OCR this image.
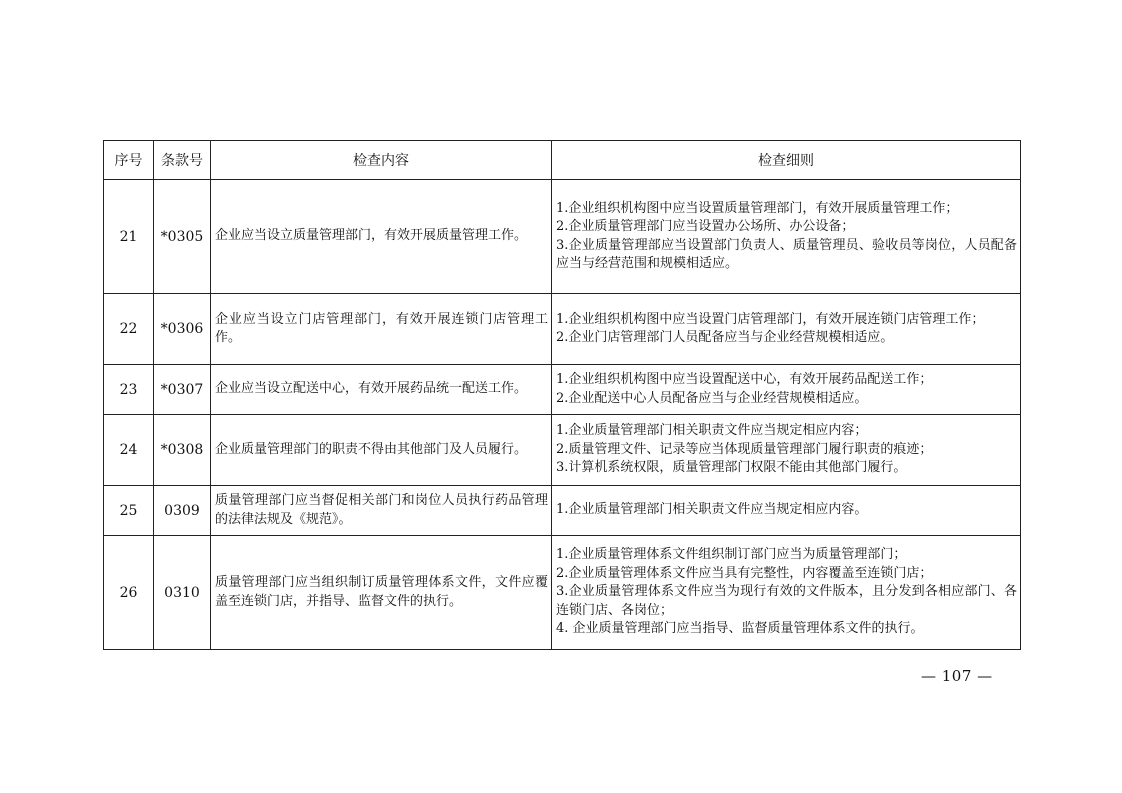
序号	条款号	检查内容	检查细则
21	*0305	企业应当设立质量管理部门，有效开展质量管理工作。	1.企业组织机构图中应当设置质量管理部门，有效开展质量管理工作；
2.企业质量管理部门应当设置办公场所、办公设备；
3.企业质量管理部应当设置部门负责人、质量管理员、验收员等岗位，人员配备应当与经营范围和规模相适应。

22	*0306	企业应当设立门店管理部门，有效开展连锁门店管理工作。	1.企业组织机构图中应当设置门店管理部门，有效开展连锁门店管理工作；
2.企业门店管理部门人员配备应当与企业经营规模相适应。

23	*0307	企业应当设立配送中心，有效开展药品统一配送工作。	1.企业组织机构图中应当设置配送中心，有效开展药品配送工作；
2.企业配送中心人员配备应当与企业经营规模相适应。

24	*0308	企业质量管理部门的职责不得由其他部门及人员履行。	1.企业质量管理部门相关职责文件应当规定相应内容；
2.质量管理文件、记录等应当体现质量管理部门履行职责的痕迹；
3.计算机系统权限，质量管理部门权限不能由其他部门履行。

25	0309	质量管理部门应当督促相关部门和岗位人员执行药品管理的法律法规及《规范》。	1.企业质量管理部门相关职责文件应当规定相应内容。

26	0310	质量管理部门应当组织制订质量管理体系文件，文件应覆盖至连锁门店，并指导、监督文件的执行。	1.企业质量管理体系文件组织制订部门应当为质量管理部门；
2.企业质量管理体系文件应当具有完整性，内容覆盖至连锁门店；
3.企业质量管理体系文件应当为现行有效的文件版本，且分发到各相应部门、各连锁门店、各岗位；
4. 企业质量管理部门应当指导、监督质量管理体系文件的执行。
— 107 —
